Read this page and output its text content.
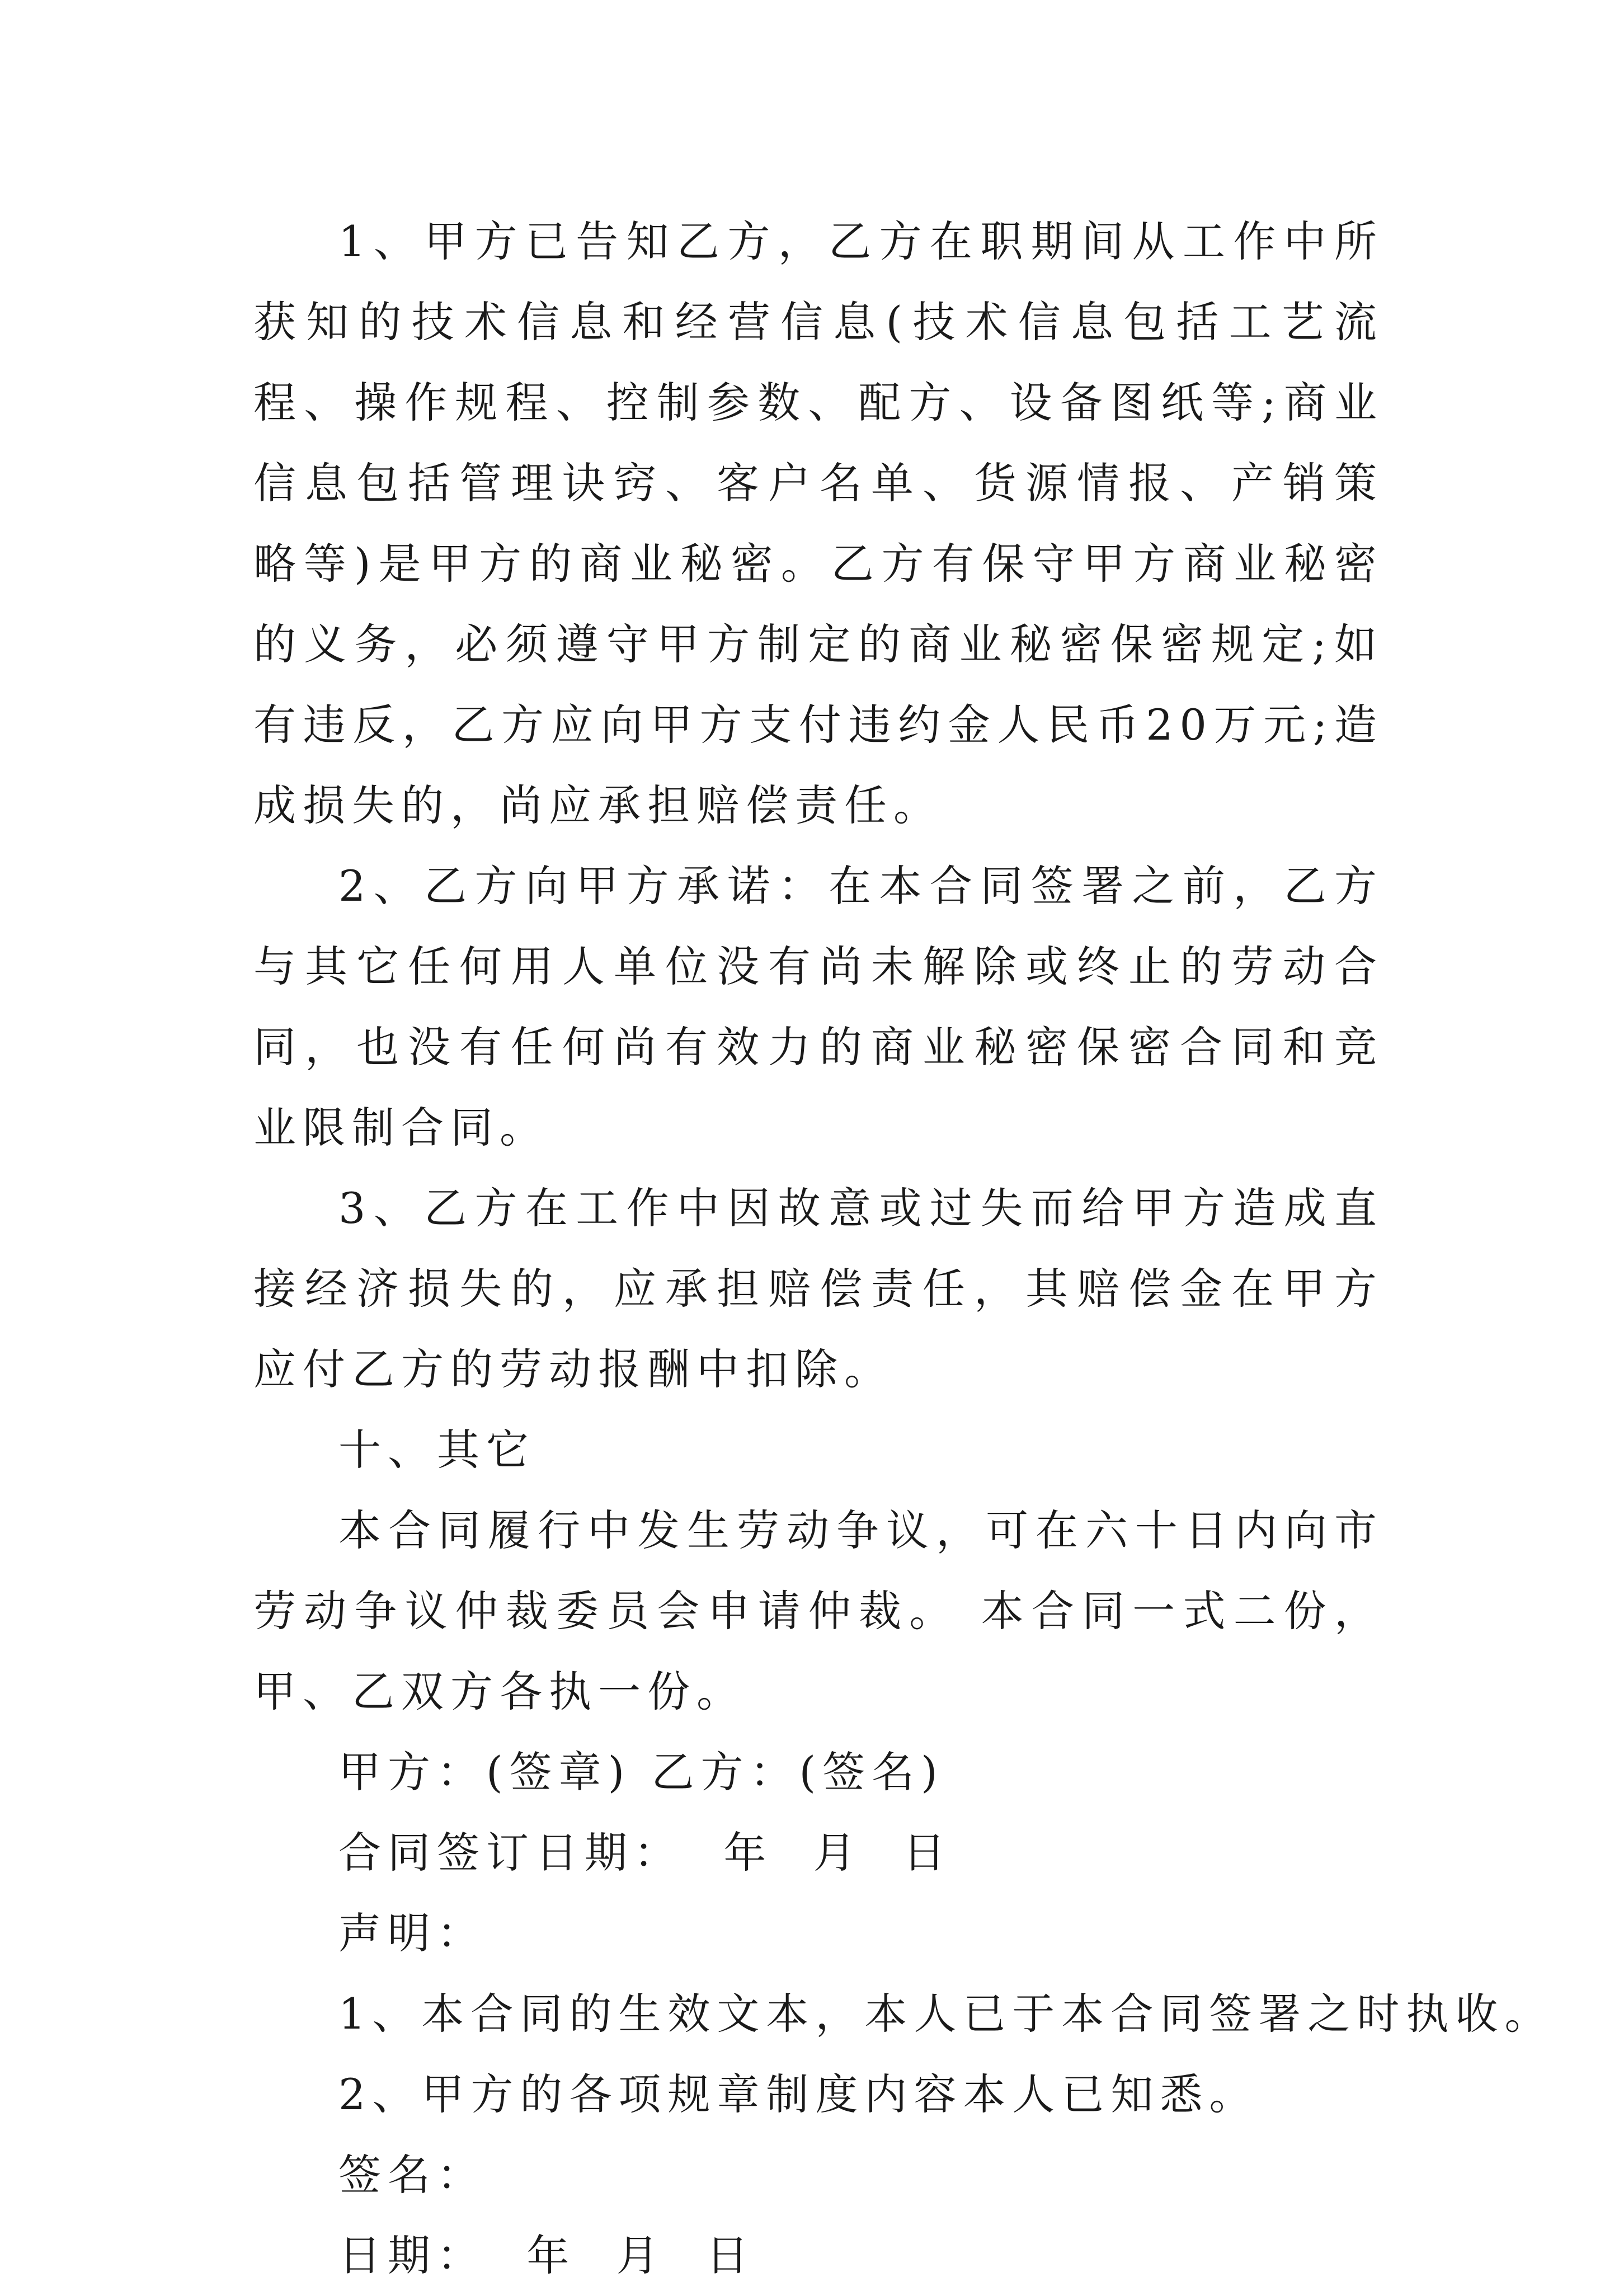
1、甲方已告知乙方，乙方在职期间从工作中所获知的技术信息和经营信息(技术信息包括工艺流程、操作规程、控制参数、配方、设备图纸等;商业信息包括管理诀窍、客户名单、货源情报、产销策略等)是甲方的商业秘密。乙方有保守甲方商业秘密的义务，必须遵守甲方制定的商业秘密保密规定;如有违反，乙方应向甲方支付违约金人民币20万元;造成损失的，尚应承担赔偿责任。

2、乙方向甲方承诺：在本合同签署之前，乙方与其它任何用人单位没有尚未解除或终止的劳动合同，也没有任何尚有效力的商业秘密保密合同和竞业限制合同。

3、乙方在工作中因故意或过失而给甲方造成直接经济损失的，应承担赔偿责任，其赔偿金在甲方应付乙方的劳动报酬中扣除。

十、其它

本合同履行中发生劳动争议，可在六十日内向市劳动争议仲裁委员会申请仲裁。 本合同一式二份，甲、乙双方各执一份。

甲方：(签章) 乙方：(签名)

合同签订日期：  年  月  日

声明：

1、本合同的生效文本，本人已于本合同签署之时执收。

2、甲方的各项规章制度内容本人已知悉。

签名：

日期：  年  月  日
